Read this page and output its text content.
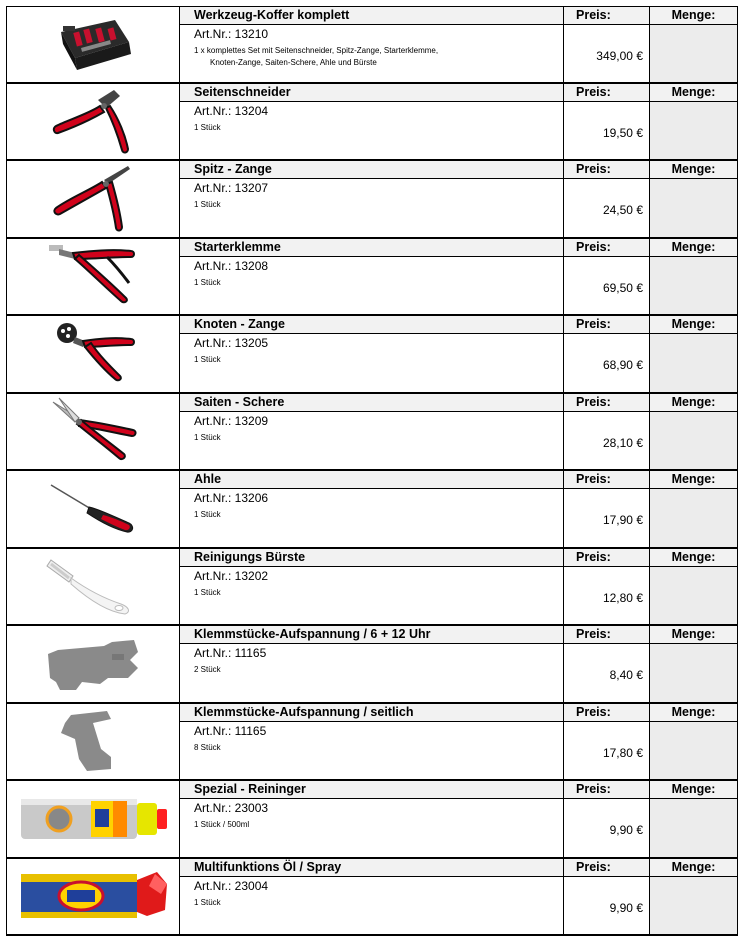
Werkzeug-Koffer komplett
Art.Nr.: 13210
1 x komplettes Set mit Seitenschneider, Spitz-Zange, Starterklemme,
Knoten-Zange, Saiten-Schere, Ahle und Bürste
Preis:
349,00 €
Menge:
Seitenschneider
Art.Nr.: 13204
1 Stück
Preis:
19,50 €
Menge:
Spitz - Zange
Art.Nr.: 13207
1 Stück
Preis:
24,50 €
Menge:
Starterklemme
Art.Nr.: 13208
1 Stück
Preis:
69,50 €
Menge:
Knoten - Zange
Art.Nr.: 13205
1 Stück
Preis:
68,90 €
Menge:
Saiten - Schere
Art.Nr.: 13209
1 Stück
Preis:
28,10 €
Menge:
Ahle
Art.Nr.: 13206
1 Stück
Preis:
17,90 €
Menge:
Reinigungs Bürste
Art.Nr.: 13202
1 Stück
Preis:
12,80 €
Menge:
Klemmstücke-Aufspannung / 6 + 12 Uhr
Art.Nr.: 11165
2 Stück
Preis:
8,40 €
Menge:
Klemmstücke-Aufspannung / seitlich
Art.Nr.: 11165
8 Stück
Preis:
17,80 €
Menge:
Spezial - Reininger
Art.Nr.: 23003
1 Stück / 500ml
Preis:
9,90 €
Menge:
Multifunktions Öl / Spray
Art.Nr.: 23004
1 Stück
Preis:
9,90 €
Menge:
